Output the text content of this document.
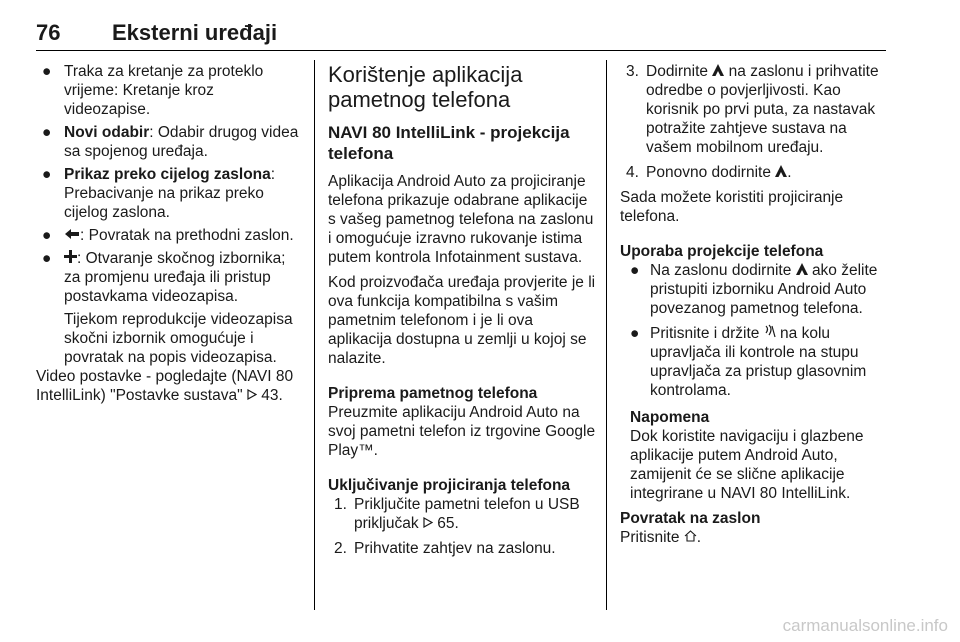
76 Eksterni uređaji
● Traka za kretanje za proteklo vrijeme: Kretanje kroz videozapise.
● Novi odabir: Odabir drugog videa sa spojenog uređaja.
● Prikaz preko cijelog zaslona: Prebacivanje na prikaz preko cijelog zaslona.
● : Povratak na prethodni zaslon.
● : Otvaranje skočnog izbornika; za promjenu uređaja ili pristup postavkama videozapisa.
Tijekom reprodukcije videozapisa skočni izbornik omogućuje i povratak na popis videozapisa.
Video postavke - pogledajte (NAVI 80 IntelliLink) "Postavke sustava" 43.
Korištenje aplikacija pametnog telefona
NAVI 80 IntelliLink - projekcija telefona
Aplikacija Android Auto za projiciranje telefona prikazuje odabrane aplikacije s vašeg pametnog telefona na zaslonu i omogućuje izravno rukovanje istima putem kontrola Infotainment sustava.
Kod proizvođača uređaja provjerite je li ova funkcija kompatibilna s vašim pametnim telefonom i je li ova aplikacija dostupna u zemlji u kojoj se nalazite.
Priprema pametnog telefona
Preuzmite aplikaciju Android Auto na svoj pametni telefon iz trgovine Google Play™.
Uključivanje projiciranja telefona
1. Priključite pametni telefon u USB priključak 65.
2. Prihvatite zahtjev na zaslonu.
3. Dodirnite na zaslonu i prihvatite odredbe o povjerljivosti. Kao korisnik po prvi puta, za nastavak potražite zahtjeve sustava na vašem mobilnom uređaju.
4. Ponovno dodirnite .
Sada možete koristiti projiciranje telefona.
Uporaba projekcije telefona
● Na zaslonu dodirnite ako želite pristupiti izborniku Android Auto povezanog pametnog telefona.
● Pritisnite i držite na kolu upravljača ili kontrole na stupu upravljača za pristup glasovnim kontrolama.
Napomena
Dok koristite navigaciju i glazbene aplikacije putem Android Auto, zamijenit će se slične aplikacije integrirane u NAVI 80 IntelliLink.
Povratak na zaslon
Pritisnite .
carmanualsonline.info
